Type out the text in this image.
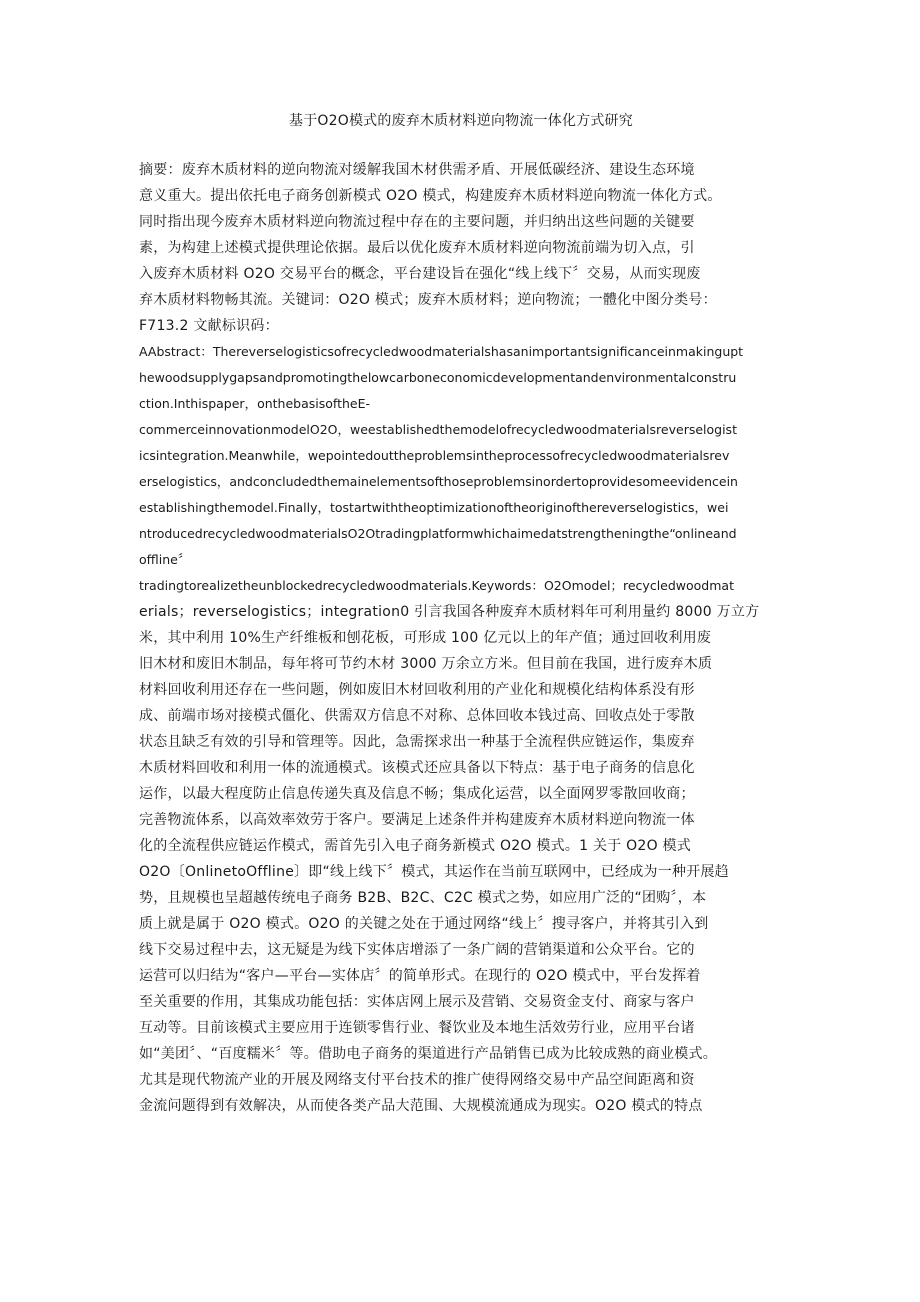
基于O2O模式的废弃木质材料逆向物流一体化方式研究
摘要：废弃木质材料的逆向物流对缓解我国木材供需矛盾、开展低碳经济、建设生态环境
意义重大。提出依托电子商务创新模式 O2O 模式，构建废弃木质材料逆向物流一体化方式。
同时指出现今废弃木质材料逆向物流过程中存在的主要问题，并归纳出这些问题的关键要
素，为构建上述模式提供理论依据。最后以优化废弃木质材料逆向物流前端为切入点，引
入废弃木质材料 O2O 交易平台的概念，平台建设旨在强化“线上线下〞交易，从而实现废
弃木质材料物畅其流。关键词：O2O 模式；废弃木质材料；逆向物流；一體化中图分类号：
F713.2 文献标识码：
AAbstract：Thereverselogisticsofrecycledwoodmaterialshasanimportantsignificanceinmakingupt
hewoodsupplygapsandpromotingthelowcarboneconomicdevelopmentandenvironmentalconstru
ction.Inthispaper，onthebasisoftheE-
commerceinnovationmodelO2O，weestablishedthemodelofrecycledwoodmaterialsreverselogist
icsintegration.Meanwhile，wepointedouttheproblemsintheprocessofrecycledwoodmaterialsrev
erselogistics，andconcludedthemainelementsofthoseproblemsinordertoprovidesomeevidencein
establishingthemodel.Finally，tostartwiththeoptimizationoftheoriginofthereverselogistics，wei
ntroducedrecycledwoodmaterialsO2Otradingplatformwhichaimedatstrengtheningthe“onlineand
offline〞
tradingtorealizetheunblockedrecycledwoodmaterials.Keywords：O2Omodel；recycledwoodmat
erials；reverselogistics；integration0 引言我国各种废弃木质材料年可利用量约 8000 万立方
米，其中利用 10%生产纤维板和刨花板，可形成 100 亿元以上的年产值；通过回收利用废
旧木材和废旧木制品，每年将可节约木材 3000 万余立方米。但目前在我国，进行废弃木质
材料回收利用还存在一些问题，例如废旧木材回收利用的产业化和规模化结构体系没有形
成、前端市场对接模式僵化、供需双方信息不对称、总体回收本钱过高、回收点处于零散
状态且缺乏有效的引导和管理等。因此，急需探求出一种基于全流程供应链运作，集废弃
木质材料回收和利用一体的流通模式。该模式还应具备以下特点：基于电子商务的信息化
运作，以最大程度防止信息传递失真及信息不畅；集成化运营，以全面网罗零散回收商；
完善物流体系，以高效率效劳于客户。要满足上述条件并构建废弃木质材料逆向物流一体
化的全流程供应链运作模式，需首先引入电子商务新模式 O2O 模式。1 关于 O2O 模式
O2O〔OnlinetoOffline〕即“线上线下〞模式，其运作在当前互联网中，已经成为一种开展趋
势，且规模也呈超越传统电子商务 B2B、B2C、C2C 模式之势，如应用广泛的“团购〞，本
质上就是属于 O2O 模式。O2O 的关键之处在于通过网络“线上〞搜寻客户，并将其引入到
线下交易过程中去，这无疑是为线下实体店增添了一条广阔的营销渠道和公众平台。它的
运营可以归结为“客户—平台—实体店〞的简单形式。在现行的 O2O 模式中，平台发挥着
至关重要的作用，其集成功能包括：实体店网上展示及营销、交易资金支付、商家与客户
互动等。目前该模式主要应用于连锁零售行业、餐饮业及本地生活效劳行业，应用平台诸
如“美团〞、“百度糯米〞等。借助电子商务的渠道进行产品销售已成为比较成熟的商业模式。
尤其是现代物流产业的开展及网络支付平台技术的推广使得网络交易中产品空间距离和资
金流问题得到有效解决，从而使各类产品大范围、大规模流通成为现实。O2O 模式的特点
